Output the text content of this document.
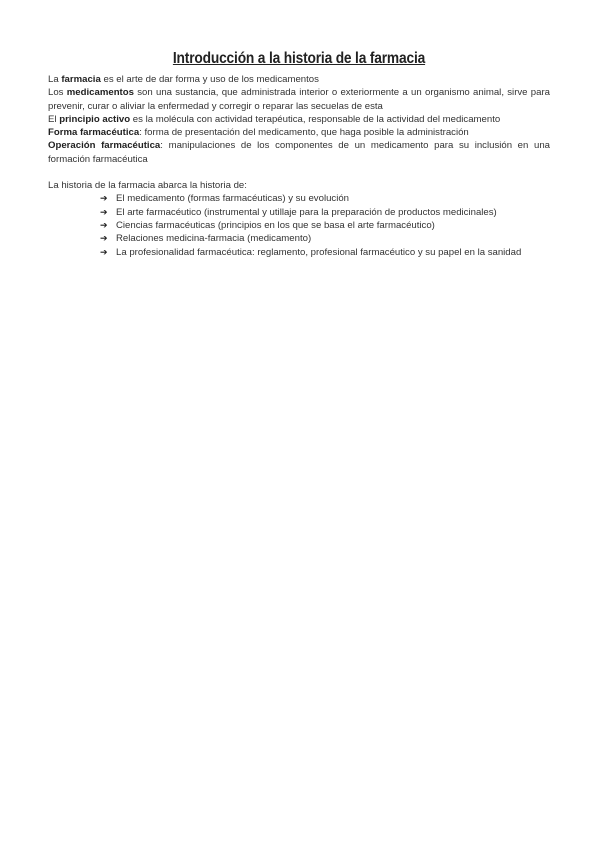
Introducción a la historia de la farmacia

La farmacia es el arte de dar forma y uso de los medicamentos

Los medicamentos son una sustancia, que administrada interior o exteriormente a un organismo animal, sirve para prevenir, curar o aliviar la enfermedad y corregir o reparar las secuelas de esta

El principio activo es la molécula con actividad terapéutica, responsable de la actividad del medicamento

Forma farmacéutica: forma de presentación del medicamento, que haga posible la administración

Operación farmacéutica: manipulaciones de los componentes de un medicamento para su inclusión en una formación farmacéutica

La historia de la farmacia abarca la historia de:

➔ El medicamento (formas farmacéuticas) y su evolución
➔ El arte farmacéutico (instrumental y utillaje para la preparación de productos medicinales)
➔ Ciencias farmacéuticas (principios en los que se basa el arte farmacéutico)
➔ Relaciones medicina-farmacia (medicamento)
➔ La profesionalidad farmacéutica: reglamento, profesional farmacéutico y su papel en la sanidad
